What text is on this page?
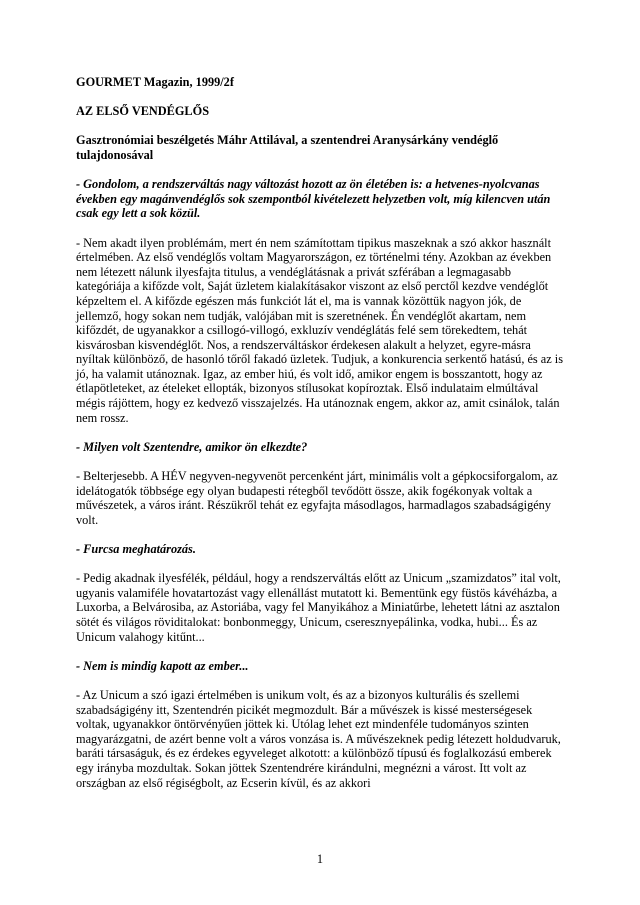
GOURMET Magazin, 1999/2f

AZ ELSŐ VENDÉGLŐS

Gasztronómiai beszélgetés Máhr Attilával, a szentendrei Aranysárkány vendéglő tulajdonosával

- Gondolom, a rendszerváltás nagy változást hozott az ön életében is: a hetvenes-nyolcvanas években egy magánvendéglős sok szempontból kivételezett helyzetben volt, míg kilencven után csak egy lett a sok közül.

- Nem akadt ilyen problémám, mert én nem számítottam tipikus maszeknak a szó akkor használt értelmében. Az első vendéglős voltam Magyarországon, ez történelmi tény. Azokban az években nem létezett nálunk ilyesfajta titulus, a vendéglátásnak a privát szférában a legmagasabb kategóriája a kifőzde volt, Saját üzletem kialakításakor viszont az első perctől kezdve vendéglőt képzeltem el. A kifőzde egészen más funkciót lát el, ma is vannak közöttük nagyon jók, de jellemző, hogy sokan nem tudják, valójában mit is szeretnének. Én vendéglőt akartam, nem kifőzdét, de ugyanakkor a csillogó-villogó, exkluzív vendéglátás felé sem törekedtem, tehát kisvárosban kisvendéglőt. Nos, a rendszerváltáskor érdekesen alakult a helyzet, egyre-másra nyíltak különböző, de hasonló tőről fakadó üzletek. Tudjuk, a konkurencia serkentő hatású, és az is jó, ha valamit utánoznak. Igaz, az ember hiú, és volt idő, amikor engem is bosszantott, hogy az étlapötleteket, az ételeket ellopták, bizonyos stílusokat kopíroztak. Első indulataim elmúltával mégis rájöttem, hogy ez kedvező visszajelzés. Ha utánoznak engem, akkor az, amit csinálok, talán nem rossz.

- Milyen volt Szentendre, amikor ön elkezdte?

- Belterjesebb. A HÉV negyven-negyvenöt percenként járt, minimális volt a gépkocsiforgalom, az idelátogatók többsége egy olyan budapesti rétegből tevődött össze, akik fogékonyak voltak a művészetek, a város iránt. Részükről tehát ez egyfajta másodlagos, harmadlagos szabadságigény volt.

- Furcsa meghatározás.

- Pedig akadnak ilyesfélék, például, hogy a rendszerváltás előtt az Unicum „szamizdatos” ital volt, ugyanis valamiféle hovatartozást vagy ellenállást mutatott ki. Bementünk egy füstös kávéházba, a Luxorba, a Belvárosiba, az Astoriába, vagy fel Manyikához a Miniatűrbe, lehetett látni az asztalon sötét és világos röviditalokat: bonbonmeggy, Unicum, cseresznyepálinka, vodka, hubi... És az Unicum valahogy kitűnt...

- Nem is mindig kapott az ember...

- Az Unicum a szó igazi értelmében is unikum volt, és az a bizonyos kulturális és szellemi szabadságigény itt, Szentendrén picikét megmozdult. Bár a művészek is kissé mesterségesek voltak, ugyanakkor öntörvényűen jöttek ki. Utólag lehet ezt mindenféle tudományos szinten magyarázgatni, de azért benne volt a város vonzása is. A művészeknek pedig létezett holdudvaruk, baráti társaságuk, és ez érdekes egyveleget alkotott: a különböző típusú és foglalkozású emberek egy irányba mozdultak. Sokan jöttek Szentendrére kirándulni, megnézni a várost. Itt volt az országban az első régiségbolt, az Ecserin kívül, és az akkori

1
